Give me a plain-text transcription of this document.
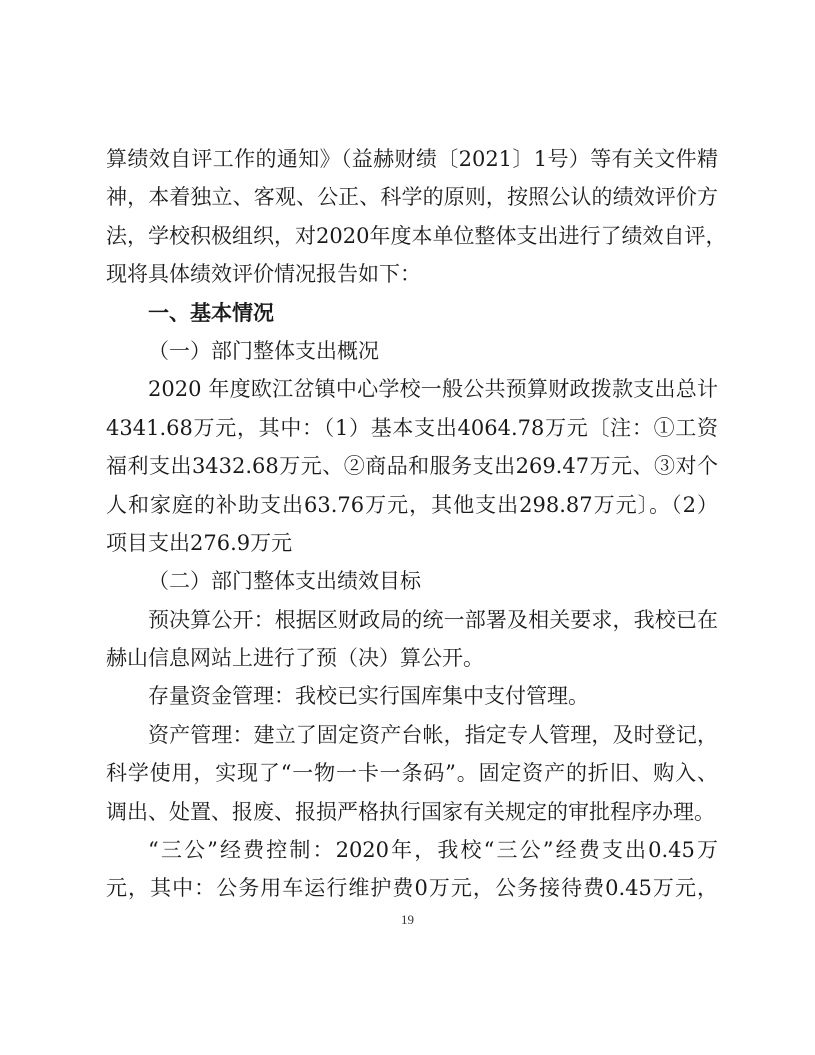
算绩效自评工作的通知》（益赫财绩〔2021〕1号）等有关文件精
神，本着独立、客观、公正、科学的原则，按照公认的绩效评价方
法，学校积极组织，对2020年度本单位整体支出进行了绩效自评，
现将具体绩效评价情况报告如下：
一、基本情况
（一）部门整体支出概况
2020 年度欧江岔镇中心学校一般公共预算财政拨款支出总计
4341.68万元，其中：（1）基本支出4064.78万元〔注：①工资
福利支出3432.68万元、②商品和服务支出269.47万元、③对个
人和家庭的补助支出63.76万元，其他支出298.87万元〕。（2）
项目支出276.9万元
（二）部门整体支出绩效目标
预决算公开：根据区财政局的统一部署及相关要求，我校已在
赫山信息网站上进行了预（决）算公开。
存量资金管理：我校已实行国库集中支付管理。
资产管理：建立了固定资产台帐，指定专人管理，及时登记，
科学使用，实现了“一物一卡一条码”。固定资产的折旧、购入、
调出、处置、报废、报损严格执行国家有关规定的审批程序办理。
“三公”经费控制：2020年，我校“三公”经费支出0.45万
元，其中：公务用车运行维护费0万元，公务接待费0.45万元，
19
